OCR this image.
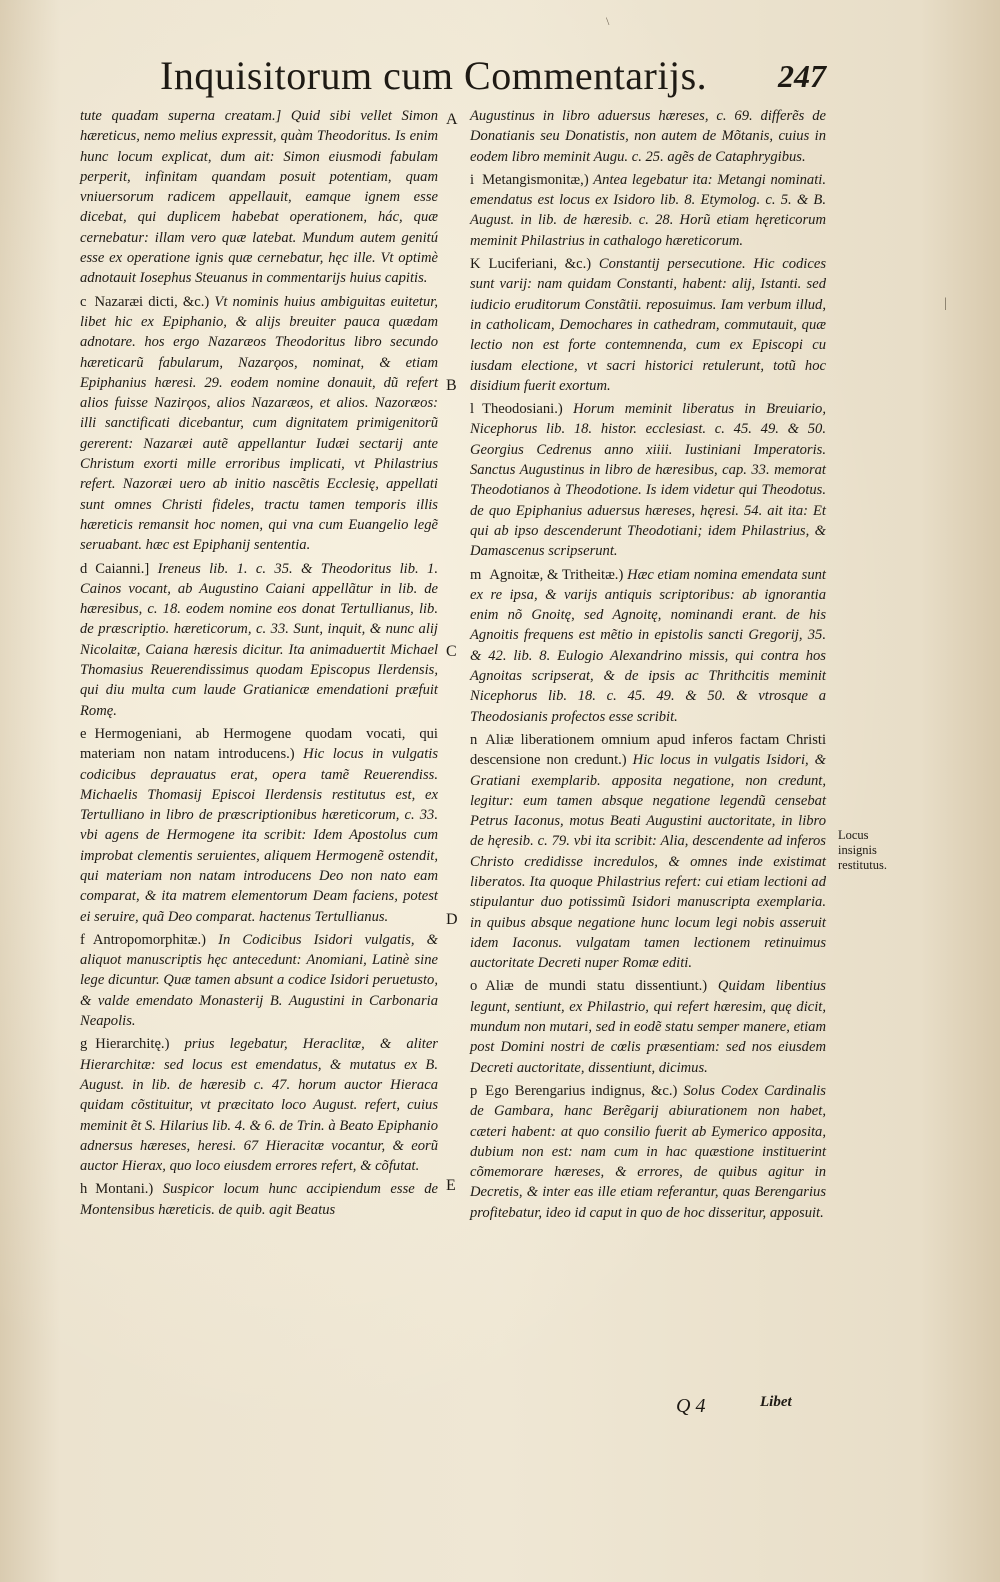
\
|
Inquisitorum cum Commentarijs. 247

tute quadam superna creatam.] Quid sibi vellet Simon hæreticus, nemo melius expressit, quàm Theodoritus. Is enim hunc locum explicat, dum ait: Simon eiusmodi fabulam perperit, infinitam quandam posuit potentiam, quam vniuersorum radicem appellauit, eamque ignem esse dicebat, qui duplicem habebat operationem, hác, quæ cernebatur: illam vero quæ latebat. Mundum autem genitú esse ex operatione ignis quæ cernebatur, hęc ille. Vt optimè adnotauit Iosephus Steuanus in commentarijs huius capitis.

c Nazaræi dicti, &c.) Vt nominis huius ambiguitas euitetur, libet hic ex Epiphanio, & alijs breuiter pauca quædam adnotare. hos ergo Nazaræos Theodoritus libro secundo hæreticarũ fabularum, Nazarǫos, nominat, & etiam Epiphanius hæresi. 29. eodem nomine donauit, dũ refert alios fuisse Nazirǫos, alios Nazaræos, et alios. Nazoræos: illi sanctificati dicebantur, cum dignitatem primigenitorũ gererent: Nazaræi autẽ appellantur Iudæi sectarij ante Christum exorti mille erroribus implicati, vt Philastrius refert. Nazoræi uero ab initio nascẽtis Ecclesię, appellati sunt omnes Christi fideles, tractu tamen temporis illis hæreticis remansit hoc nomen, qui vna cum Euangelio legẽ seruabant. hæc est Epiphanij sententia.

d Caianni.] Ireneus lib. 1. c. 35. & Theodoritus lib. 1. Cainos vocant, ab Augustino Caiani appellãtur in lib. de hæresibus, c. 18. eodem nomine eos donat Tertullianus, lib. de præscriptio. hæreticorum, c. 33. Sunt, inquit, & nunc alij Nicolaitæ, Caiana hæresis dicitur. Ita animaduertit Michael Thomasius Reuerendissimus quodam Episcopus Ilerdensis, qui diu multa cum laude Gratianicæ emendationi præfuit Romę.

e Hermogeniani, ab Hermogene quodam vocati, qui materiam non natam introducens.) Hic locus in vulgatis codicibus deprauatus erat, opera tamẽ Reuerendiss. Michaelis Thomasij Episcoi Ilerdensis restitutus est, ex Tertulliano in libro de præscriptionibus hæreticorum, c. 33. vbi agens de Hermogene ita scribit: Idem Apostolus cum improbat clementis seruientes, aliquem Hermogenẽ ostendit, qui materiam non natam introducens Deo non nato eam comparat, & ita matrem elementorum Deam faciens, potest ei seruire, quã Deo comparat. hactenus Tertullianus.

f Antropomorphitæ.) In Codicibus Isidori vulgatis, & aliquot manuscriptis hęc antecedunt: Anomiani, Latinè sine lege dicuntur. Quæ tamen absunt a codice Isidori peruetusto, & valde emendato Monasterij B. Augustini in Carbonaria Neapolis.

g Hierarchitę.) prius legebatur, Heraclitæ, & aliter Hierarchitæ: sed locus est emendatus, & mutatus ex B. August. in lib. de hæresib c. 47. horum auctor Hieraca quidam cõstituitur, vt præcitato loco August. refert, cuius meminit ẽt S. Hilarius lib. 4. & 6. de Trin. à Beato Epiphanio adnersus hæreses, heresi. 67 Hieracitæ vocantur, & eorũ auctor Hierax, quo loco eiusdem errores refert, & cõfutat.

h Montani.) Suspicor locum hunc accipiendum esse de Montensibus hæreticis. de quib. agit Beatus

Augustinus in libro aduersus hæreses, c. 69. differẽs de Donatianis seu Donatistis, non autem de Mõtanis, cuius in eodem libro meminit Augu. c. 25. agẽs de Cataphrygibus.

i Metangismonitæ,) Antea legebatur ita: Metangi nominati. emendatus est locus ex Isidoro lib. 8. Etymolog. c. 5. & B. August. in lib. de hæresib. c. 28. Horũ etiam hęreticorum meminit Philastrius in cathalogo hæreticorum.

K Luciferiani, &c.) Constantij persecutione. Hic codices sunt varij: nam quidam Constanti, habent: alij, Istanti. sed iudicio eruditorum Constãtii. reposuimus. Iam verbum illud, in catholicam, Demochares in cathedram, commutauit, quæ lectio non est forte contemnenda, cum ex Episcopi cu iusdam electione, vt sacri historici retulerunt, totũ hoc disidium fuerit exortum.

l Theodosiani.) Horum meminit liberatus in Breuiario, Nicephorus lib. 18. histor. ecclesiast. c. 45. 49. & 50. Georgius Cedrenus anno xiiii. Iustiniani Imperatoris. Sanctus Augustinus in libro de hæresibus, cap. 33. memorat Theodotianos à Theodotione. Is idem videtur qui Theodotus. de quo Epiphanius aduersus hæreses, hęresi. 54. ait ita: Et qui ab ipso descenderunt Theodotiani; idem Philastrius, & Damascenus scripserunt.

m Agnoitæ, & Tritheitæ.) Hæc etiam nomina emendata sunt ex re ipsa, & varijs antiquis scriptoribus: ab ignorantia enim nõ Gnoitę, sed Agnoitę, nominandi erant. de his Agnoitis frequens est mẽtio in epistolis sancti Gregorij, 35. & 42. lib. 8. Eulogio Alexandrino missis, qui contra hos Agnoitas scripserat, & de ipsis ac Thrithcitis meminit Nicephorus lib. 18. c. 45. 49. & 50. & vtrosque a Theodosianis profectos esse scribit.

n Aliæ liberationem omnium apud inferos factam Christi descensione non credunt.) Hic locus in vulgatis Isidori, & Gratiani exemplarib. apposita negatione, non credunt, legitur: eum tamen absque negatione legendũ censebat Petrus Iaconus, motus Beati Augustini auctoritate, in libro de hęresib. c. 79. vbi ita scribit: Alia, descendente ad inferos Christo credidisse incredulos, & omnes inde existimat liberatos. Ita quoque Philastrius refert: cui etiam lectioni ad stipulantur duo potissimũ Isidori manuscripta exemplaria. in quibus absque negatione hunc locum legi nobis asseruit idem Iaconus. vulgatam tamen lectionem retinuimus auctoritate Decreti nuper Romæ editi.

o Aliæ de mundi statu dissentiunt.) Quidam libentius legunt, sentiunt, ex Philastrio, qui refert hæresim, quę dicit, mundum non mutari, sed in eodẽ statu semper manere, etiam post Domini nostri de cœlis præsentiam: sed nos eiusdem Decreti auctoritate, dissentiunt, dicimus.

p Ego Berengarius indignus, &c.) Solus Codex Cardinalis de Gambara, hanc Berẽgarij abiurationem non habet, cæteri habent: at quo consilio fuerit ab Eymerico apposita, dubium non est: nam cum in hac quæstione instituerint cõmemorare hæreses, & errores, de quibus agitur in Decretis, & inter eas ille etiam referantur, quas Berengarius profitebatur, ideo id caput in quo de hoc disseritur, apposuit.

A
B
C
D
E
Locus insignis restitutus.
Q 4	Libet
